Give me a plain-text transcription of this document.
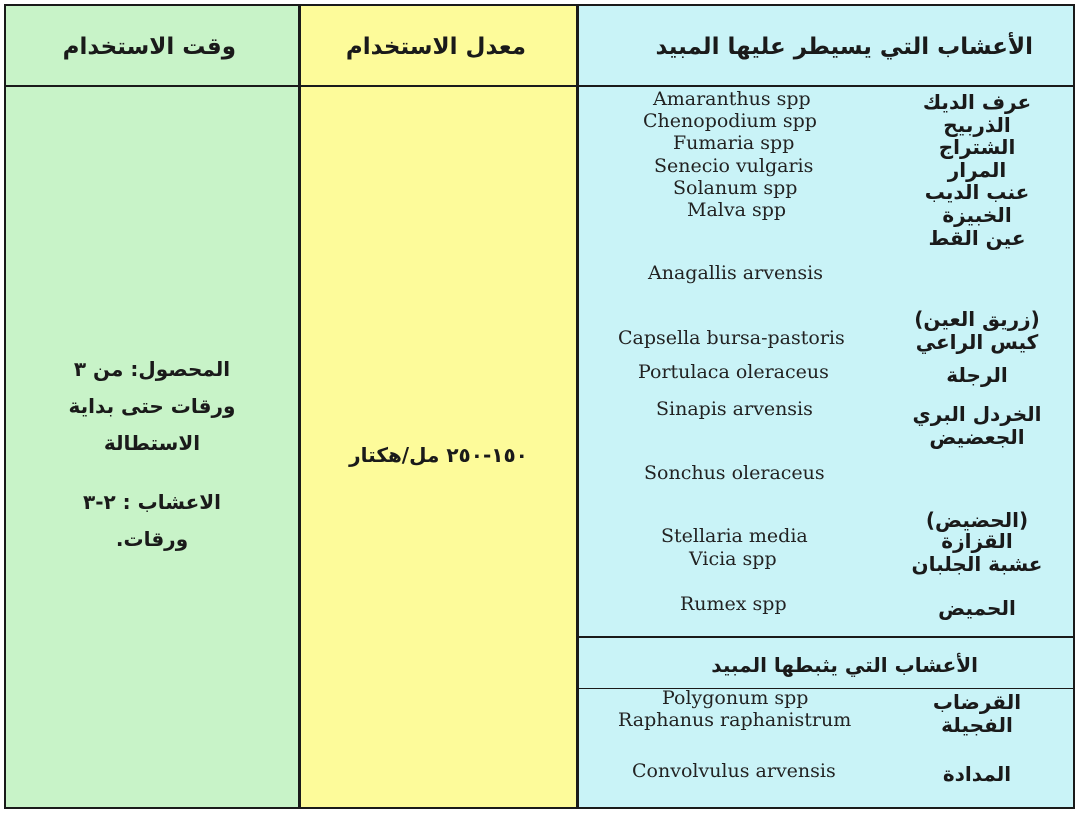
وقت الاستخدام

المحصول: من ٣

ورقات حتى بداية

الاستطالة

الاعشاب : ٢-٣

ورقات.

معدل الاستخدام
١٥٠-٢٥٠ مل/هكتار
الأعشاب التي يسيطر عليها المبيد
Amaranthus spp
Chenopodium spp
Fumaria spp
Senecio vulgaris
Solanum spp
Malva spp
Anagallis arvensis
Capsella bursa-pastoris
Portulaca oleraceus
Sinapis arvensis
Sonchus oleraceus
Stellaria media
Vicia spp
Rumex spp
عرف الديك
الذربيح
الشتراج
المرار
عنب الديب
الخبيزة
عين القط
(زريق العين)
كيس الراعي
الرجلة
الخردل البري
الجعضيض
(الحضيض)
القزازة
عشبة الجلبان
الحميض
الأعشاب التي يثبطها المبيد
Polygonum spp
Raphanus raphanistrum
Convolvulus arvensis
القرضاب
الفجيلة
المدادة
